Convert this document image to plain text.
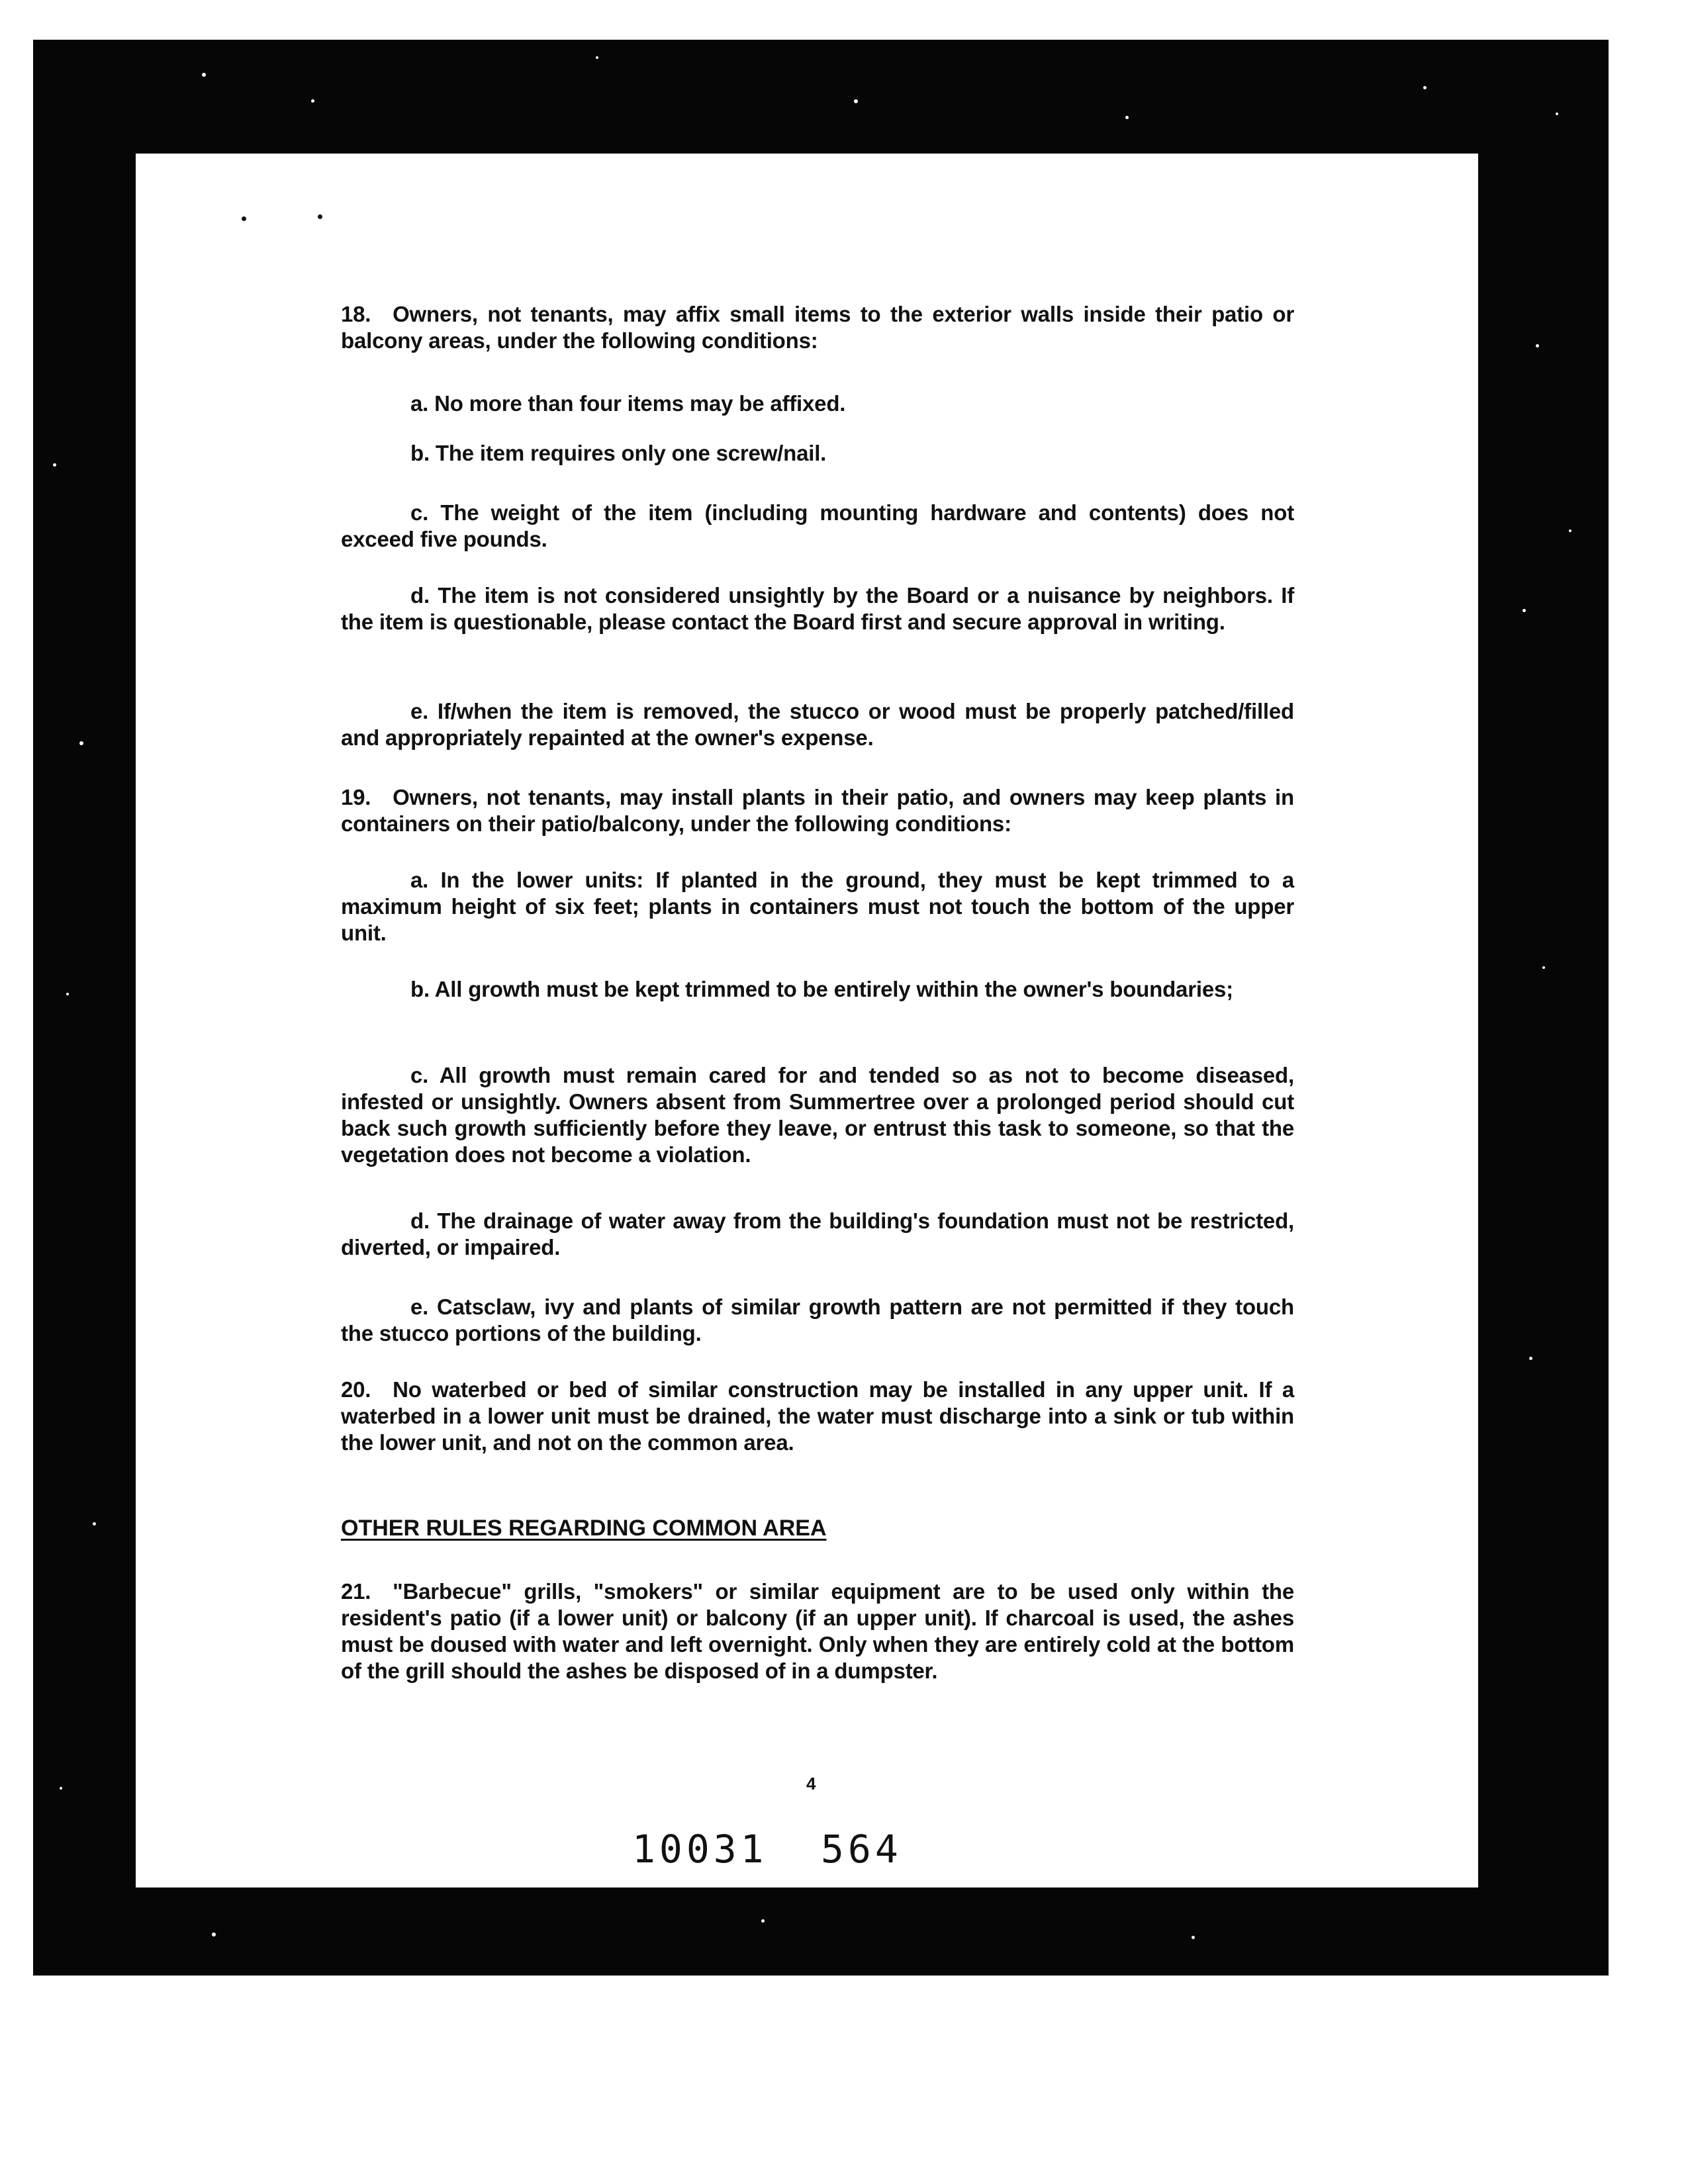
18. Owners, not tenants, may affix small items to the exterior walls inside their patio or balcony areas, under the following conditions:

a. No more than four items may be affixed.

b. The item requires only one screw/nail.

c. The weight of the item (including mounting hardware and contents) does not exceed five pounds.

d. The item is not considered unsightly by the Board or a nuisance by neighbors. If the item is questionable, please contact the Board first and secure approval in writing.

e. If/when the item is removed, the stucco or wood must be properly patched/filled and appropriately repainted at the owner's expense.

19. Owners, not tenants, may install plants in their patio, and owners may keep plants in containers on their patio/balcony, under the following conditions:

a. In the lower units: If planted in the ground, they must be kept trimmed to a maximum height of six feet; plants in containers must not touch the bottom of the upper unit.

b. All growth must be kept trimmed to be entirely within the owner's boundaries;

c. All growth must remain cared for and tended so as not to become diseased, infested or unsightly. Owners absent from Summertree over a prolonged period should cut back such growth sufficiently before they leave, or entrust this task to someone, so that the vegetation does not become a violation.

d. The drainage of water away from the building's foundation must not be restricted, diverted, or impaired.

e. Catsclaw, ivy and plants of similar growth pattern are not permitted if they touch the stucco portions of the building.

20. No waterbed or bed of similar construction may be installed in any upper unit. If a waterbed in a lower unit must be drained, the water must discharge into a sink or tub within the lower unit, and not on the common area.

OTHER RULES REGARDING COMMON AREA

21. "Barbecue" grills, "smokers" or similar equipment are to be used only within the resident's patio (if a lower unit) or balcony (if an upper unit). If charcoal is used, the ashes must be doused with water and left overnight. Only when they are entirely cold at the bottom of the grill should the ashes be disposed of in a dumpster.

4
10031 564
